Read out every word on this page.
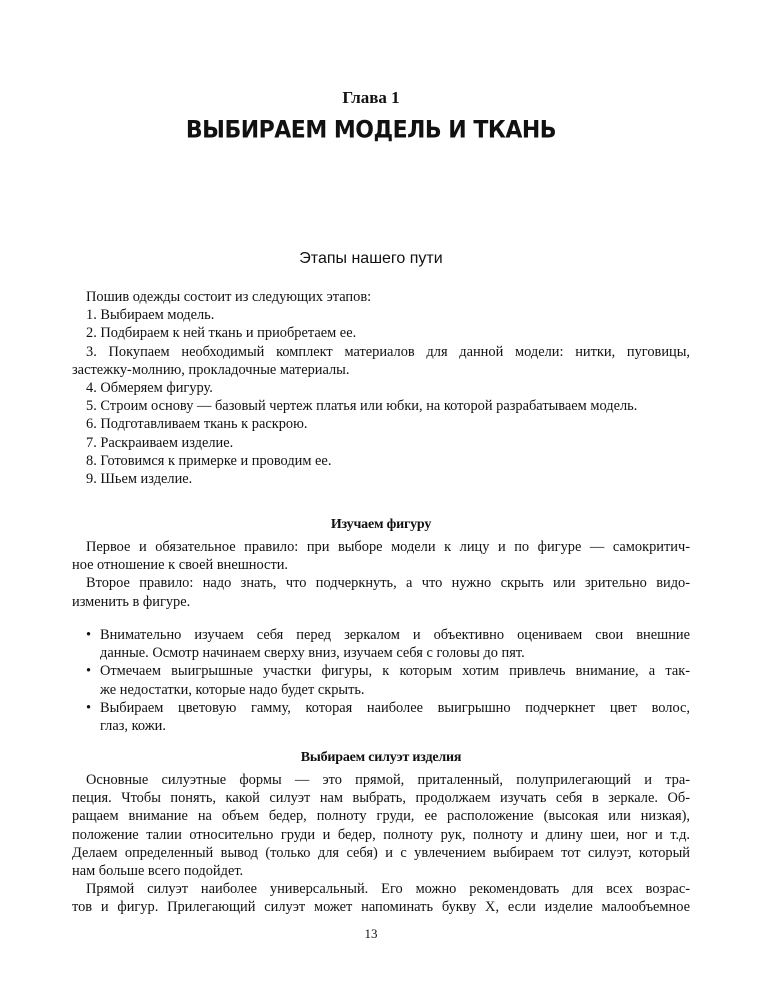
Глава 1
ВЫБИРАЕМ МОДЕЛЬ И ТКАНЬ
Этапы нашего пути
Пошив одежды состоит из следующих этапов:
1. Выбираем модель.
2. Подбираем к ней ткань и приобретаем ее.
3. Покупаем необходимый комплект материалов для данной модели: нитки, пуговицы,
застежку-молнию, прокладочные материалы.
4. Обмеряем фигуру.
5. Строим основу — базовый чертеж платья или юбки, на которой разрабатываем модель.
6. Подготавливаем ткань к раскрою.
7. Раскраиваем изделие.
8. Готовимся к примерке и проводим ее.
9. Шьем изделие.
Изучаем фигуру
Первое и обязательное правило: при выборе модели к лицу и по фигуре — самокритич-
ное отношение к своей внешности.
Второе правило: надо знать, что подчеркнуть, а что нужно скрыть или зрительно видо-
изменить в фигуре.
• Внимательно изучаем себя перед зеркалом и объективно оцениваем свои внешние
данные. Осмотр начинаем сверху вниз, изучаем себя с головы до пят.
• Отмечаем выигрышные участки фигуры, к которым хотим привлечь внимание, а так-
же недостатки, которые надо будет скрыть.
• Выбираем цветовую гамму, которая наиболее выигрышно подчеркнет цвет волос,
глаз, кожи.
Выбираем силуэт изделия
Основные силуэтные формы — это прямой, приталенный, полуприлегающий и тра-
пеция. Чтобы понять, какой силуэт нам выбрать, продолжаем изучать себя в зеркале. Об-
ращаем внимание на объем бедер, полноту груди, ее расположение (высокая или низкая),
положение талии относительно груди и бедер, полноту рук, полноту и длину шеи, ног и т.д.
Делаем определенный вывод (только для себя) и с увлечением выбираем тот силуэт, который
нам больше всего подойдет.
Прямой силуэт наиболее универсальный. Его можно рекомендовать для всех возрас-
тов и фигур. Прилегающий силуэт может напоминать букву Х, если изделие малообъемное
13
